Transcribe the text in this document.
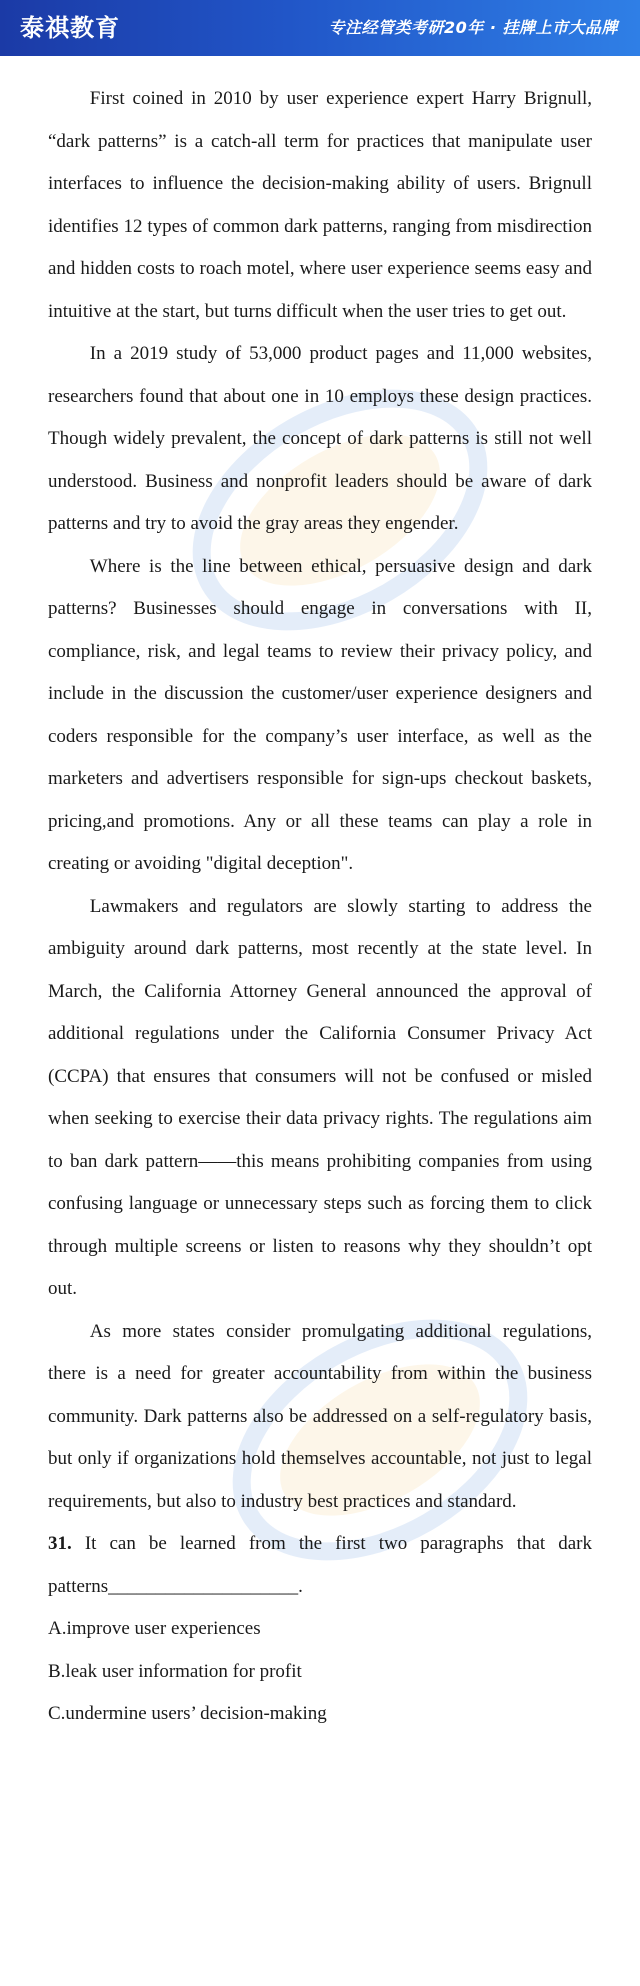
泰祺教育	专注经管类考研20年 · 挂牌上市大品牌

First coined in 2010 by user experience expert Harry Brignull, “dark patterns” is a catch-all term for practices that manipulate user interfaces to influence the decision-making ability of users. Brignull identifies 12 types of common dark patterns, ranging from misdirection and hidden costs to roach motel, where user experience seems easy and intuitive at the start, but turns difficult when the user tries to get out.

In a 2019 study of 53,000 product pages and 11,000 websites, researchers found that about one in 10 employs these design practices. Though widely prevalent, the concept of dark patterns is still not well understood. Business and nonprofit leaders should be aware of dark patterns and try to avoid the gray areas they engender.

Where is the line between ethical, persuasive design and dark patterns? Businesses should engage in conversations with II, compliance, risk, and legal teams to review their privacy policy, and include in the discussion the customer/user experience designers and coders responsible for the company’s user interface, as well as the marketers and advertisers responsible for sign-ups checkout baskets, pricing,and promotions. Any or all these teams can play a role in creating or avoiding "digital deception".

Lawmakers and regulators are slowly starting to address the ambiguity around dark patterns, most recently at the state level. In March, the California Attorney General announced the approval of additional regulations under the California Consumer Privacy Act (CCPA) that ensures that consumers will not be confused or misled when seeking to exercise their data privacy rights. The regulations aim to ban dark pattern——this means prohibiting companies from using confusing language or unnecessary steps such as forcing them to click through multiple screens or listen to reasons why they shouldn’t opt out.

As more states consider promulgating additional regulations, there is a need for greater accountability from within the business community. Dark patterns also be addressed on a self-regulatory basis, but only if organizations hold themselves accountable, not just to legal requirements, but also to industry best practices and standard.

31. It can be learned from the first two paragraphs that dark patterns____________________.

A.improve user experiences

B.leak user information for profit

C.undermine users’ decision-making
